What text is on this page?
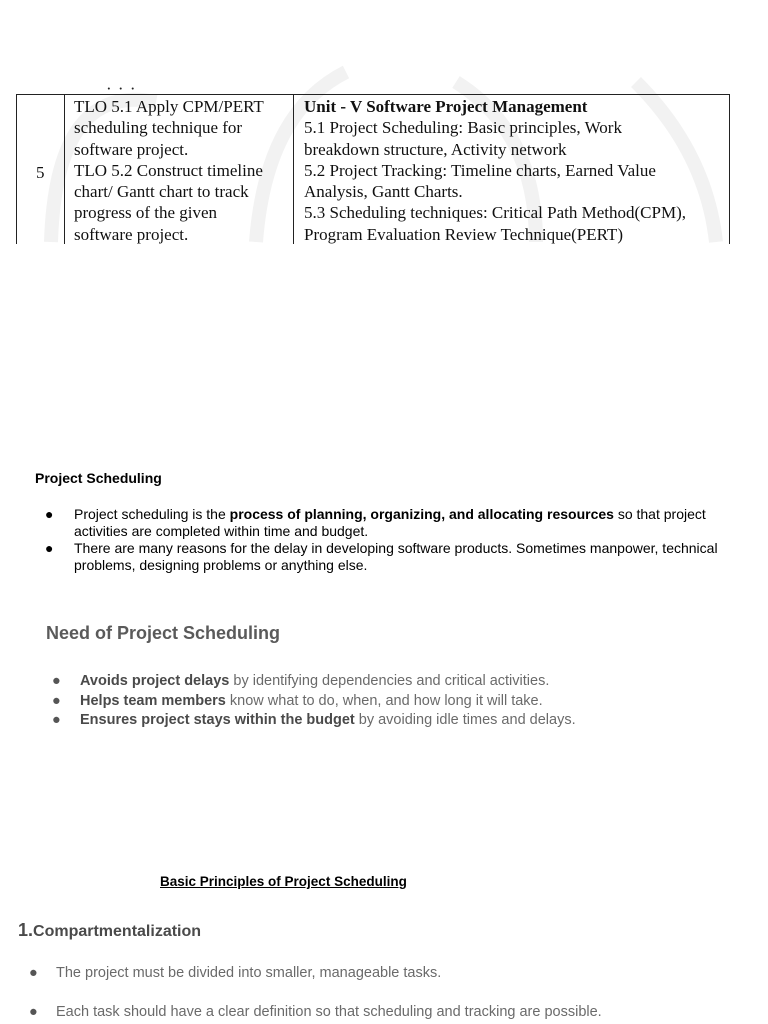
· · ·
5
TLO 5.1 Apply CPM/PERT
scheduling technique for
software project.
TLO 5.2 Construct timeline
chart/ Gantt chart to track
progress of the given
software project.
Unit - V Software Project Management
5.1 Project Scheduling: Basic principles, Work
breakdown structure, Activity network
5.2 Project Tracking: Timeline charts, Earned Value
Analysis, Gantt Charts.
5.3 Scheduling techniques: Critical Path Method(CPM),
Program Evaluation Review Technique(PERT)
Project Scheduling
● Project scheduling is the process of planning, organizing, and allocating resources so that project activities are completed within time and budget.
● There are many reasons for the delay in developing software products. Sometimes manpower, technical problems, designing problems or anything else.
Need of Project Scheduling
● Avoids project delays by identifying dependencies and critical activities.
● Helps team members know what to do, when, and how long it will take.
● Ensures project stays within the budget by avoiding idle times and delays.
Basic Principles of Project Scheduling
1.Compartmentalization
● The project must be divided into smaller, manageable tasks.
● Each task should have a clear definition so that scheduling and tracking are possible.
